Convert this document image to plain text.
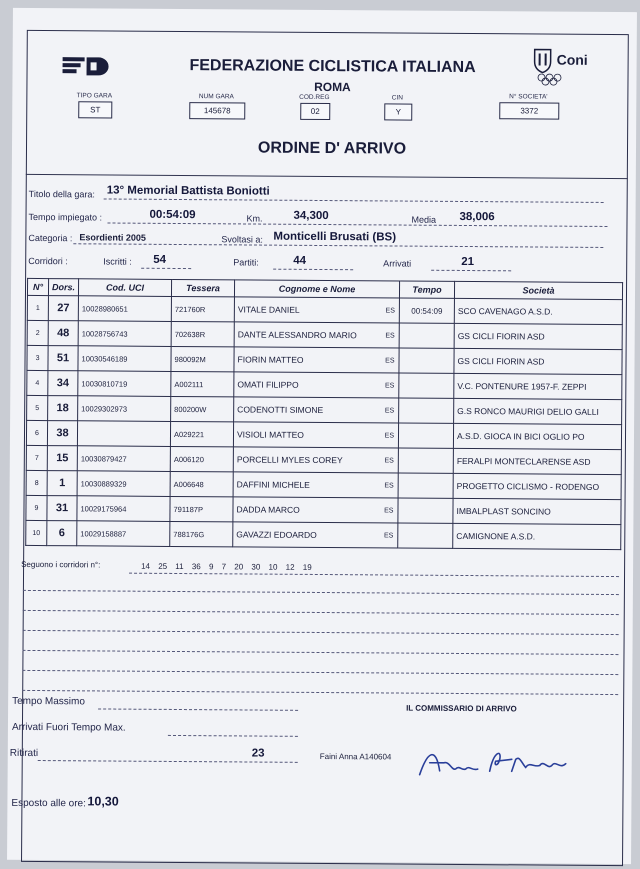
Coni
FEDERAZIONE CICLISTICA ITALIANA
ROMA
TIPO GARA
ST
NUM GARA
145678
COD.REG
02
CIN
Y
N° SOCIETA'
3372
ORDINE D' ARRIVO
Titolo della gara: 13° Memorial Battista Boniotti
Tempo impiegato :	00:54:09	Km.	34,300	Media 38,006
Categoria : Esordienti 2005	Svoltasi a: Monticelli Brusati (BS)
Corridori :	Iscritti : 54	Partiti:	44	Arrivati	21
N°	Dors.	Cod. UCI	Tessera	Cognome e Nome	Tempo	Società
1	27	10028980651	721760R	VITALE DANIEL ES	00:54:09	SCO CAVENAGO A.S.D.
2	48	10028756743	702638R	DANTE ALESSANDRO MARIO ES		GS CICLI FIORIN ASD
3	51	10030546189	980092M	FIORIN MATTEO ES		GS CICLI FIORIN ASD
4	34	10030810719	A002111	OMATI FILIPPO ES		V.C. PONTENURE 1957-F. ZEPPI
5	18	10029302973	800200W	CODENOTTI SIMONE ES		G.S RONCO MAURIGI DELIO GALLI
6	38		A029221	VISIOLI MATTEO ES		A.S.D. GIOCA IN BICI OGLIO PO
7	15	10030879427	A006120	PORCELLI MYLES COREY ES		FERALPI MONTECLARENSE ASD
8	1	10030889329	A006648	DAFFINI MICHELE ES		PROGETTO CICLISMO - RODENGO
9	31	10029175964	791187P	DADDA MARCO ES		IMBALPLAST SONCINO
10	6	10029158887	788176G	GAVAZZI EDOARDO ES		CAMIGNONE A.S.D.
Seguono i corridori n°:	14 25 11 36 9 7 20 30 10 12 19
Tempo Massimo
Arrivati Fuori Tempo Max.
Ritirati	23
IL COMMISSARIO DI ARRIVO
Faini Anna A140604
Esposto alle ore: 10,30
